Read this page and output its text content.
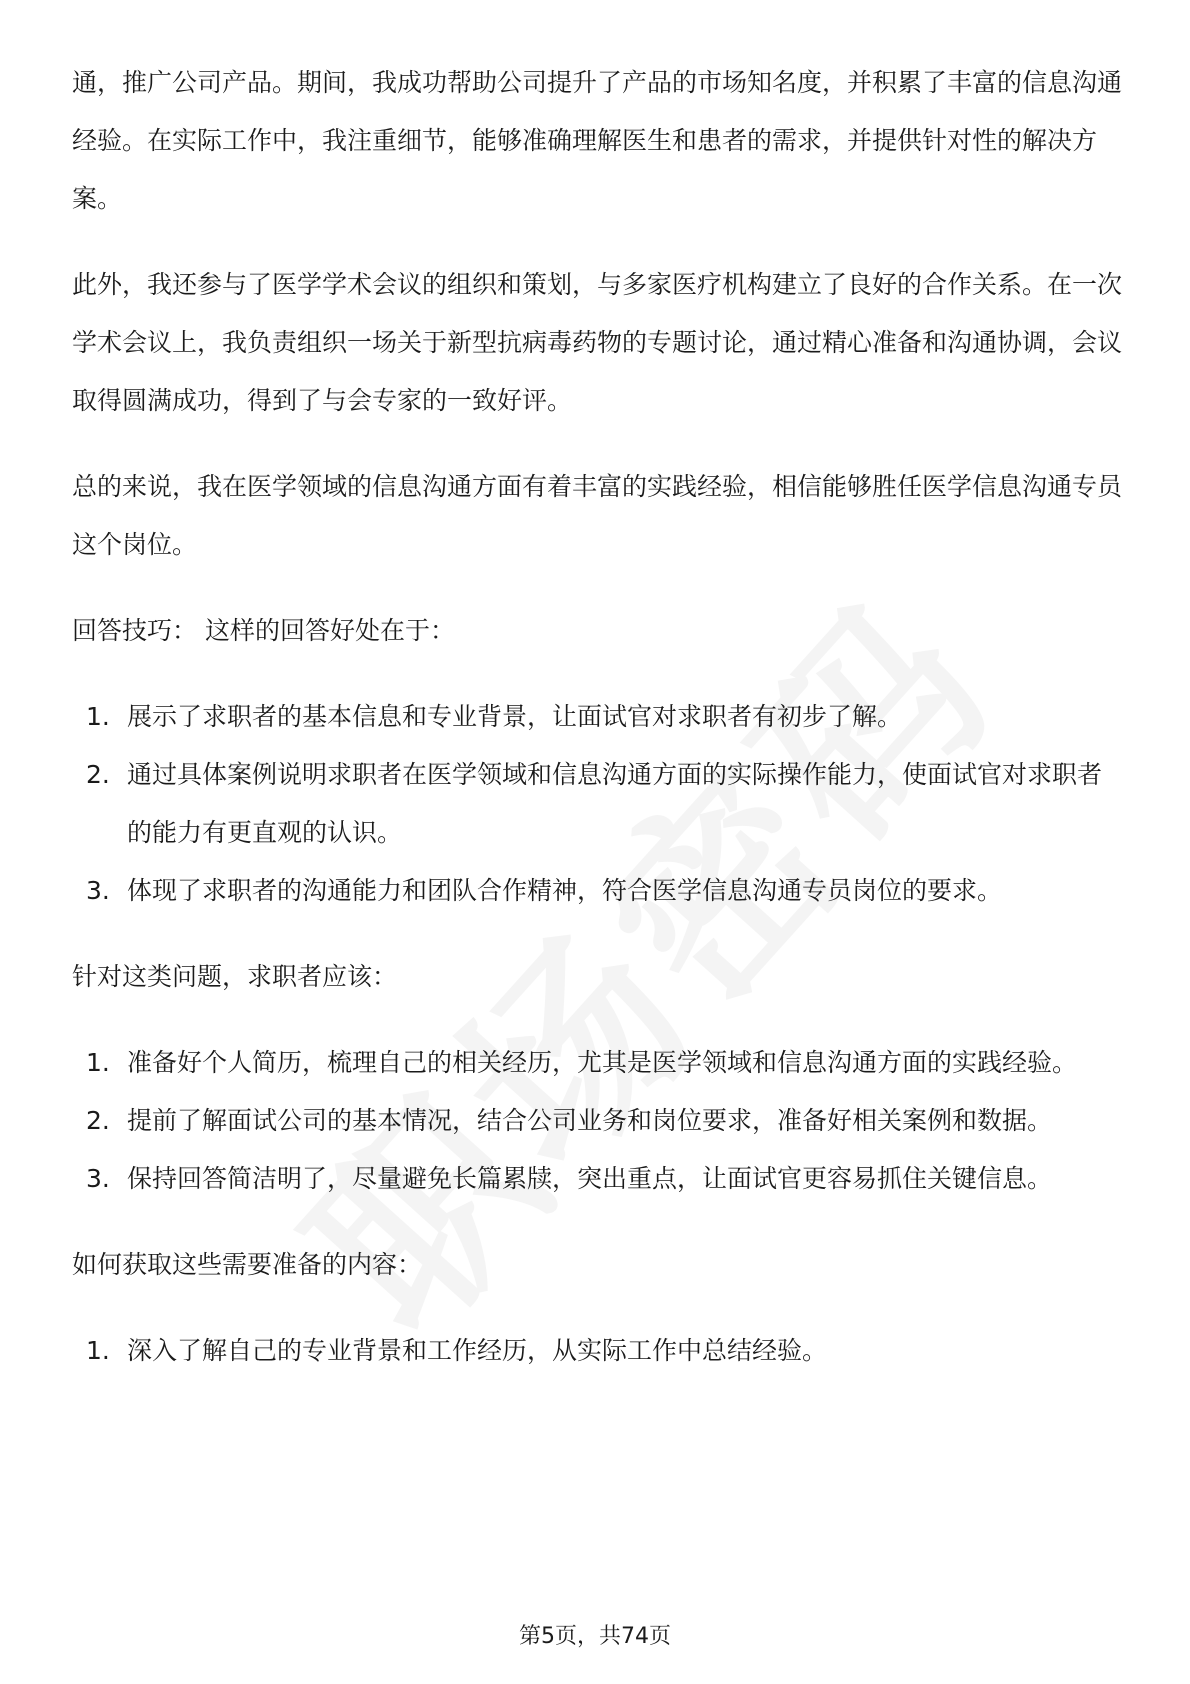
通，推广公司产品。期间，我成功帮助公司提升了产品的市场知名度，并积累了丰富的信息沟通经验。在实际工作中，我注重细节，能够准确理解医生和患者的需求，并提供针对性的解决方案。

此外，我还参与了医学学术会议的组织和策划，与多家医疗机构建立了良好的合作关系。在一次学术会议上，我负责组织一场关于新型抗病毒药物的专题讨论，通过精心准备和沟通协调，会议取得圆满成功，得到了与会专家的一致好评。

总的来说，我在医学领域的信息沟通方面有着丰富的实践经验，相信能够胜任医学信息沟通专员这个岗位。

回答技巧： 这样的回答好处在于：

1. 展示了求职者的基本信息和专业背景，让面试官对求职者有初步了解。
2. 通过具体案例说明求职者在医学领域和信息沟通方面的实际操作能力，使面试官对求职者的能力有更直观的认识。
3. 体现了求职者的沟通能力和团队合作精神，符合医学信息沟通专员岗位的要求。

针对这类问题，求职者应该：

1. 准备好个人简历，梳理自己的相关经历，尤其是医学领域和信息沟通方面的实践经验。
2. 提前了解面试公司的基本情况，结合公司业务和岗位要求，准备好相关案例和数据。
3. 保持回答简洁明了，尽量避免长篇累牍，突出重点，让面试官更容易抓住关键信息。

如何获取这些需要准备的内容：

1. 深入了解自己的专业背景和工作经历，从实际工作中总结经验。
第5页，共74页
